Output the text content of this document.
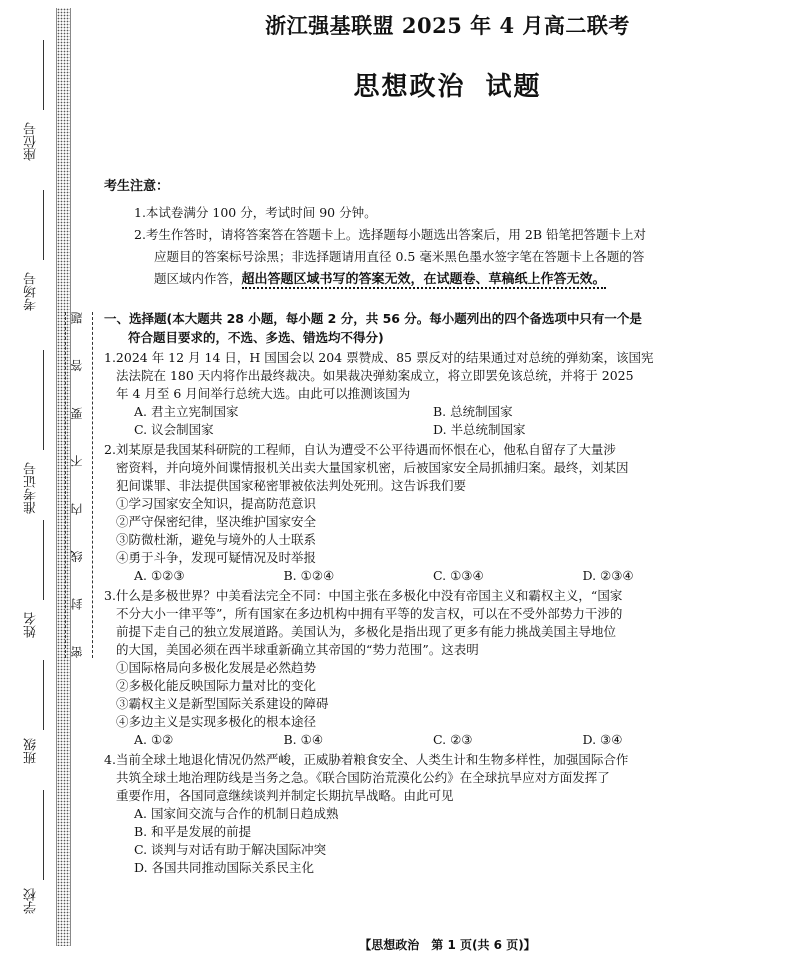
座位号
考场号
准考证号
姓名
班级
学校
密 封 线 内 不 要 答 题
浙江强基联盟 2025 年 4 月高二联考
思想政治 试题
考生注意：

1.本试卷满分 100 分，考试时间 90 分钟。

2.考生作答时，请将答案答在答题卡上。选择题每小题选出答案后，用 2B 铅笔把答题卡上对

应题目的答案标号涂黑；非选择题请用直径 0.5 毫米黑色墨水签字笔在答题卡上各题的答

题区域内作答，超出答题区域书写的答案无效，在试题卷、草稿纸上作答无效。

一、选择题(本大题共 28 小题，每小题 2 分，共 56 分。每小题列出的四个备选项中只有一个是
符合题目要求的，不选、多选、错选均不得分)

1.2024 年 12 月 14 日，H 国国会以 204 票赞成、85 票反对的结果通过对总统的弹劾案，该国宪

法法院在 180 天内将作出最终裁决。如果裁决弹劾案成立，将立即罢免该总统，并将于 2025

年 4 月至 6 月间举行总统大选。由此可以推测该国为

A. 君主立宪制国家	B. 总统制国家
C. 议会制国家	D. 半总统制国家

2.刘某原是我国某科研院的工程师，自认为遭受不公平待遇而怀恨在心，他私自留存了大量涉

密资料，并向境外间谍情报机关出卖大量国家机密，后被国家安全局抓捕归案。最终，刘某因

犯间谍罪、非法提供国家秘密罪被依法判处死刑。这告诉我们要

①学习国家安全知识，提高防范意识

②严守保密纪律，坚决维护国家安全

③防微杜渐，避免与境外的人士联系

④勇于斗争，发现可疑情况及时举报

A. ①②③	B. ①②④	C. ①③④	D. ②③④

3.什么是多极世界？中美看法完全不同：中国主张在多极化中没有帝国主义和霸权主义，“国家

不分大小一律平等”，所有国家在多边机构中拥有平等的发言权，可以在不受外部势力干涉的

前提下走自己的独立发展道路。美国认为，多极化是指出现了更多有能力挑战美国主导地位

的大国，美国必须在西半球重新确立其帝国的“势力范围”。这表明

①国际格局向多极化发展是必然趋势

②多极化能反映国际力量对比的变化

③霸权主义是新型国际关系建设的障碍

④多边主义是实现多极化的根本途径

A. ①②	B. ①④	C. ②③	D. ③④

4.当前全球土地退化情况仍然严峻，正威胁着粮食安全、人类生计和生物多样性，加强国际合作

共筑全球土地治理防线是当务之急。《联合国防治荒漠化公约》在全球抗旱应对方面发挥了

重要作用，各国同意继续谈判并制定长期抗旱战略。由此可见

A. 国家间交流与合作的机制日趋成熟
B. 和平是发展的前提
C. 谈判与对话有助于解决国际冲突
D. 各国共同推动国际关系民主化
【思想政治　第 1 页(共 6 页)】
